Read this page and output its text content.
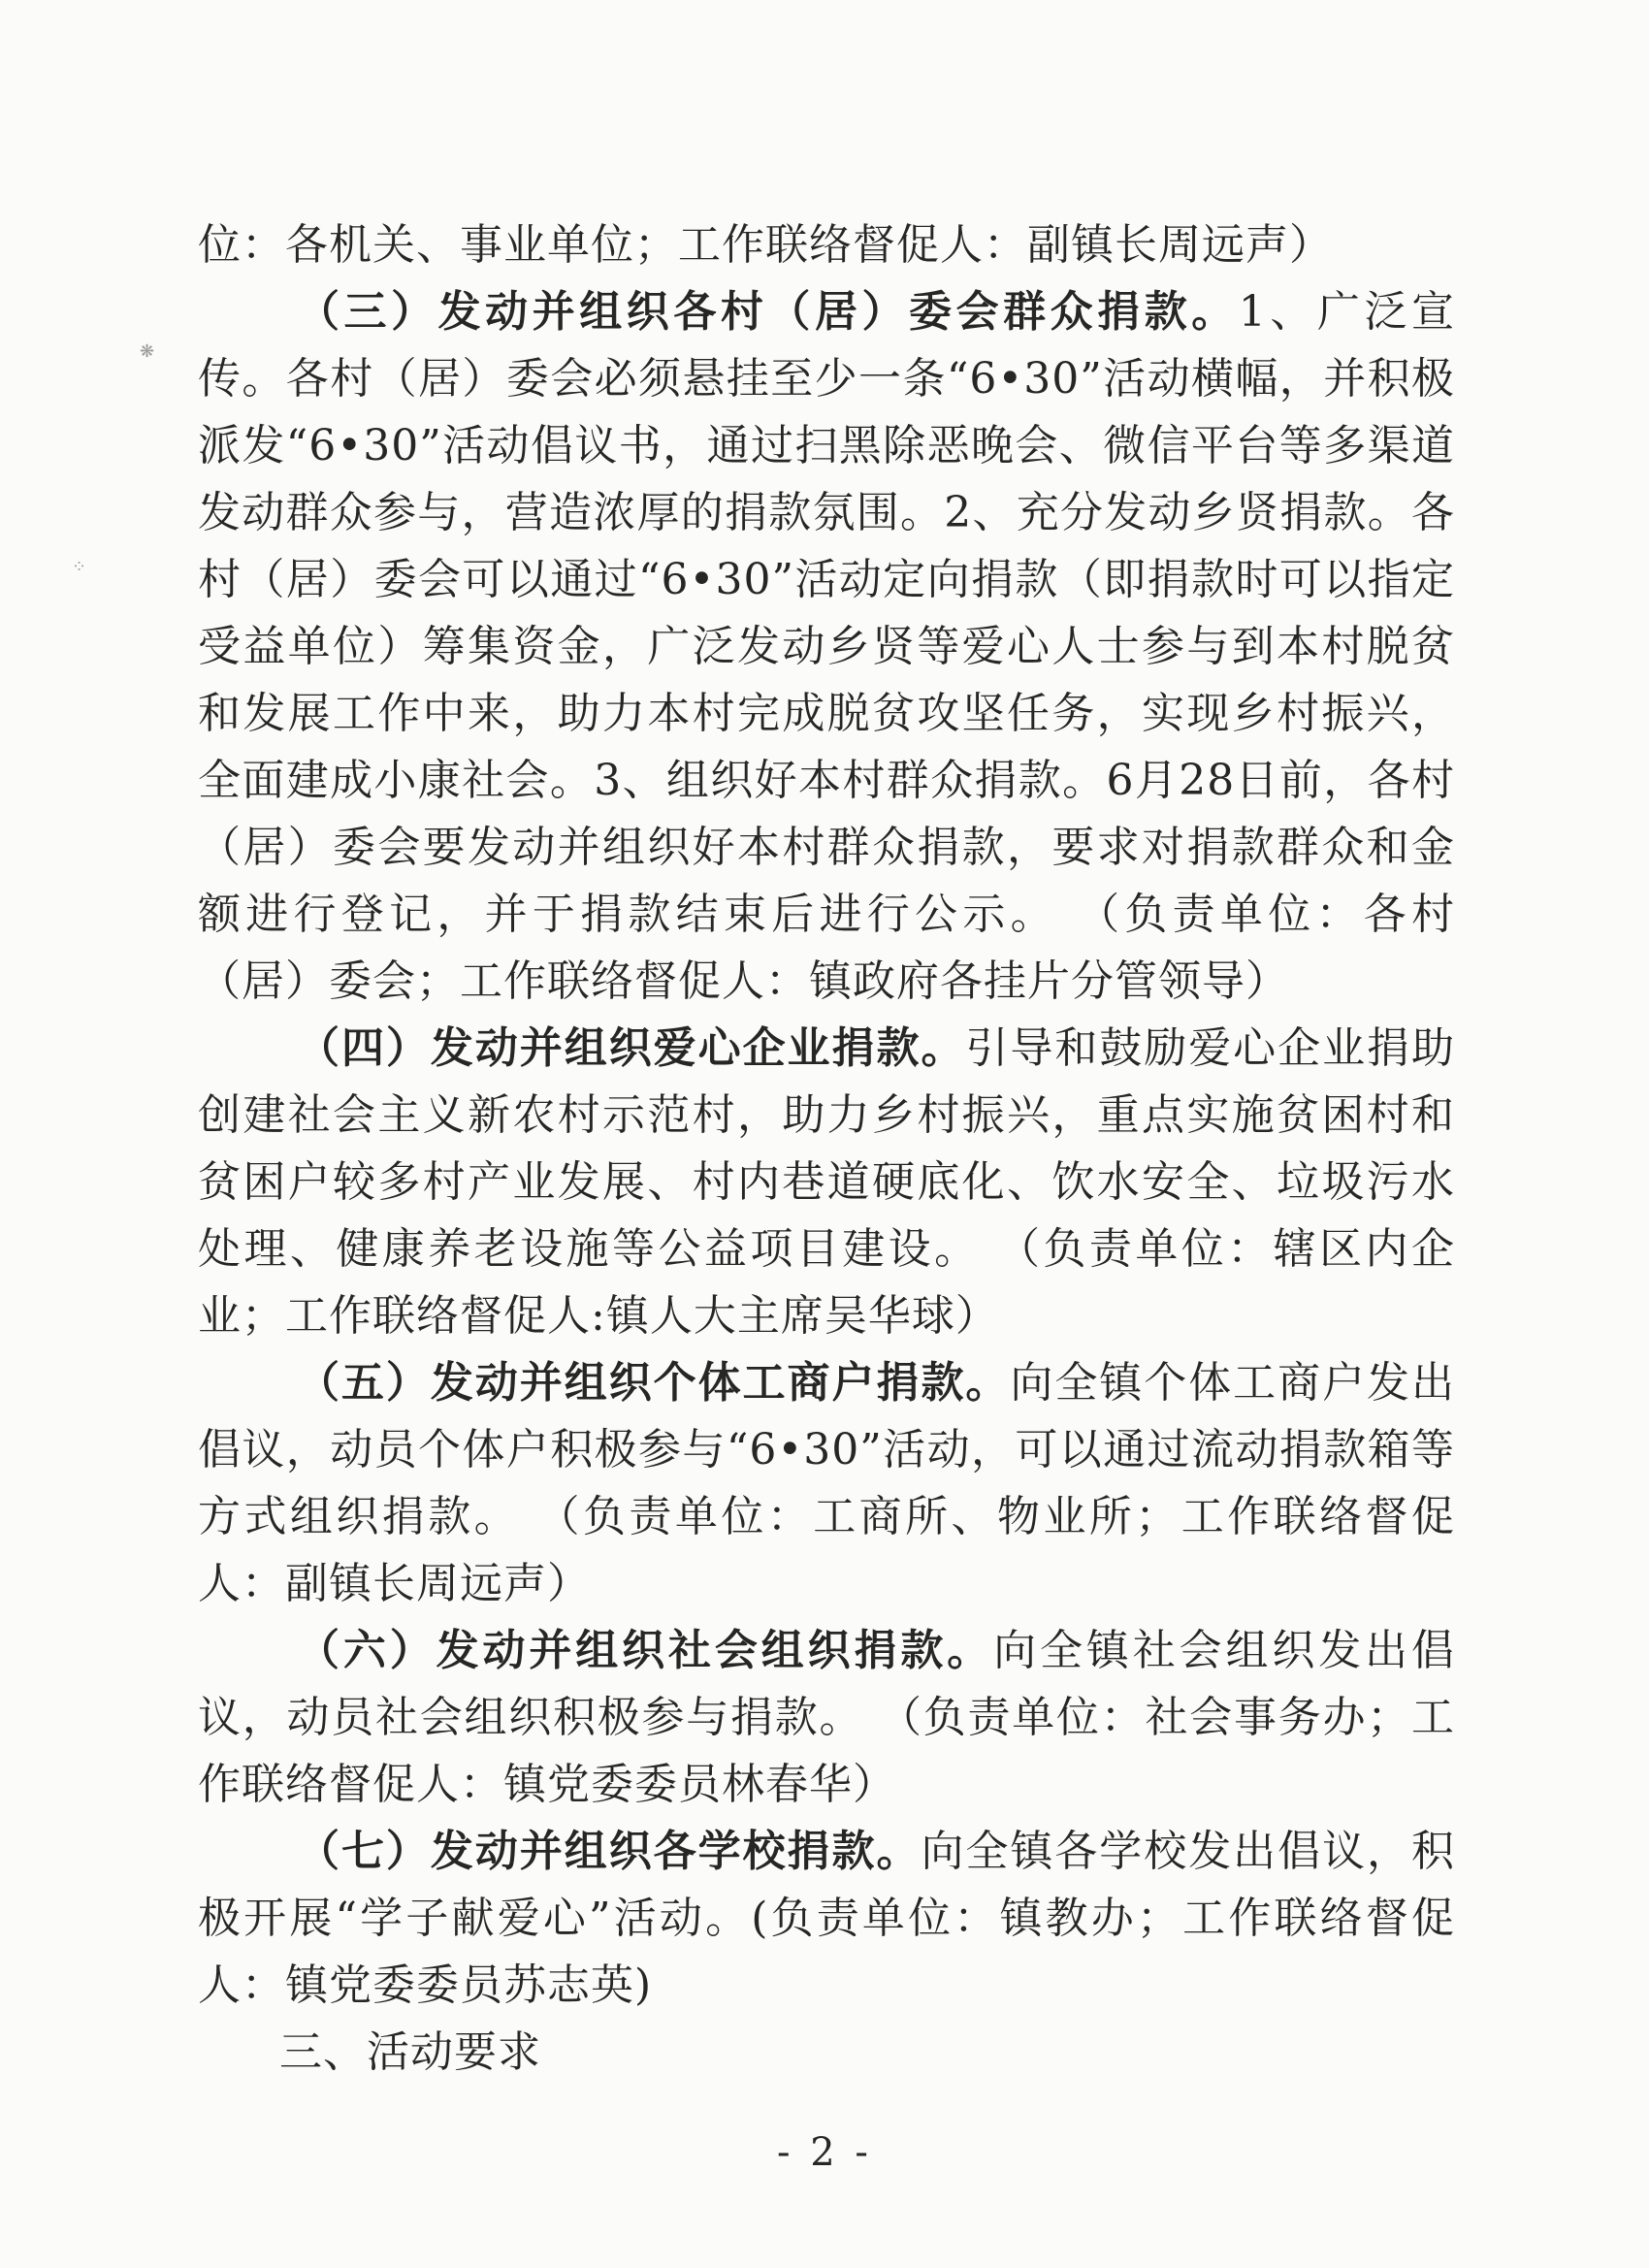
❋
⁘

位：各机关、事业单位；工作联络督促人：副镇长周远声）

（三）发动并组织各村（居）委会群众捐款。1、广泛宣传。各村（居）委会必须悬挂至少一条“6•30”活动横幅，并积极派发“6•30”活动倡议书，通过扫黑除恶晚会、微信平台等多渠道发动群众参与，营造浓厚的捐款氛围。2、充分发动乡贤捐款。各村（居）委会可以通过“6•30”活动定向捐款（即捐款时可以指定受益单位）筹集资金，广泛发动乡贤等爱心人士参与到本村脱贫和发展工作中来，助力本村完成脱贫攻坚任务，实现乡村振兴，全面建成小康社会。3、组织好本村群众捐款。6月28日前，各村（居）委会要发动并组织好本村群众捐款，要求对捐款群众和金额进行登记，并于捐款结束后进行公示。 （负责单位：各村（居）委会；工作联络督促人：镇政府各挂片分管领导）

（四）发动并组织爱心企业捐款。引导和鼓励爱心企业捐助创建社会主义新农村示范村，助力乡村振兴，重点实施贫困村和贫困户较多村产业发展、村内巷道硬底化、饮水安全、垃圾污水处理、健康养老设施等公益项目建设。 （负责单位：辖区内企业；工作联络督促人:镇人大主席吴华球）

（五）发动并组织个体工商户捐款。向全镇个体工商户发出倡议，动员个体户积极参与“6•30”活动，可以通过流动捐款箱等方式组织捐款。 （负责单位：工商所、物业所；工作联络督促人：副镇长周远声）

（六）发动并组织社会组织捐款。向全镇社会组织发出倡议，动员社会组织积极参与捐款。 （负责单位：社会事务办；工作联络督促人：镇党委委员林春华）

（七）发动并组织各学校捐款。向全镇各学校发出倡议，积极开展“学子献爱心”活动。(负责单位：镇教办；工作联络督促人：镇党委委员苏志英)

三、活动要求

- 2 -
